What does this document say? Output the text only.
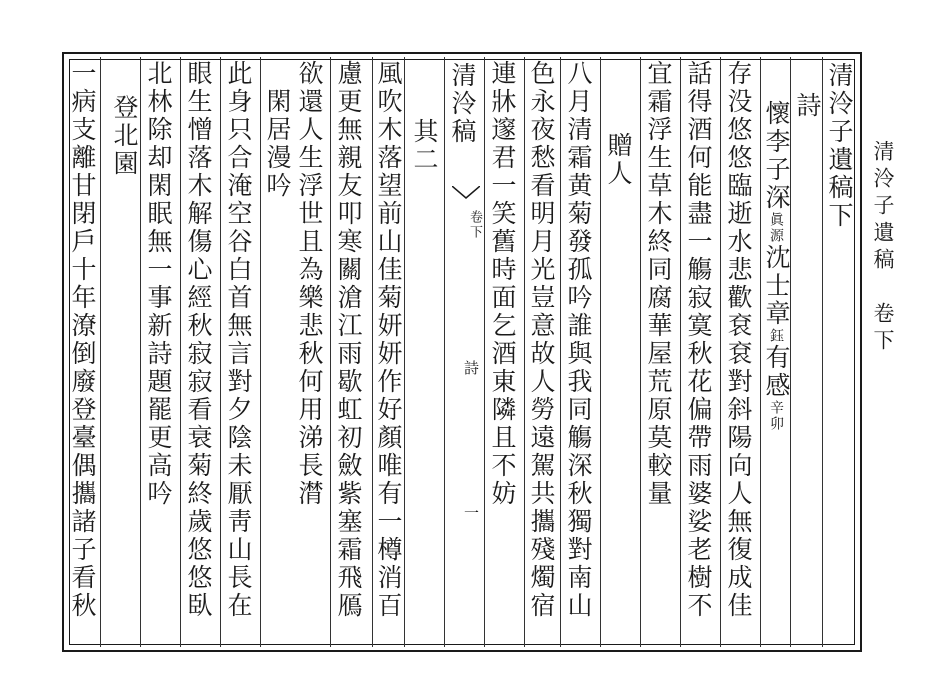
清泠子遺稿　卷下
清泠子遺稿下
詩
懷李子深眞源沈士章鈺有感辛卯
存没悠悠臨逝水悲歡袞袞對斜陽向人無復成佳
話得酒何能盡一觴寂寞秋花偏帶雨婆娑老樹不
宜霜浮生草木終同腐華屋荒原莫較量
贈人
八月清霜黄菊發孤吟誰與我同觴深秋獨對南山
色永夜愁看明月光豈意故人勞遠駕共攜殘燭宿
連牀邃君一笑舊時面乞酒東隣且不妨
清泠稿
卷下
詩
一
其二
風吹木落望前山佳菊妍妍作好顏唯有一樽消百
慮更無親友叩寒關滄江雨歇虹初斂紫塞霜飛鴈
欲還人生浮世且為樂悲秋何用涕長潸
閑居漫吟
此身只合淹空谷白首無言對夕陰未厭靑山長在
眼生憎落木解傷心經秋寂寂看衰菊終歲悠悠臥
北林除却閑眠無一事新詩題罷更高吟
登北園
一病支離甘閉戶十年潦倒廢登臺偶攜諸子看秋
